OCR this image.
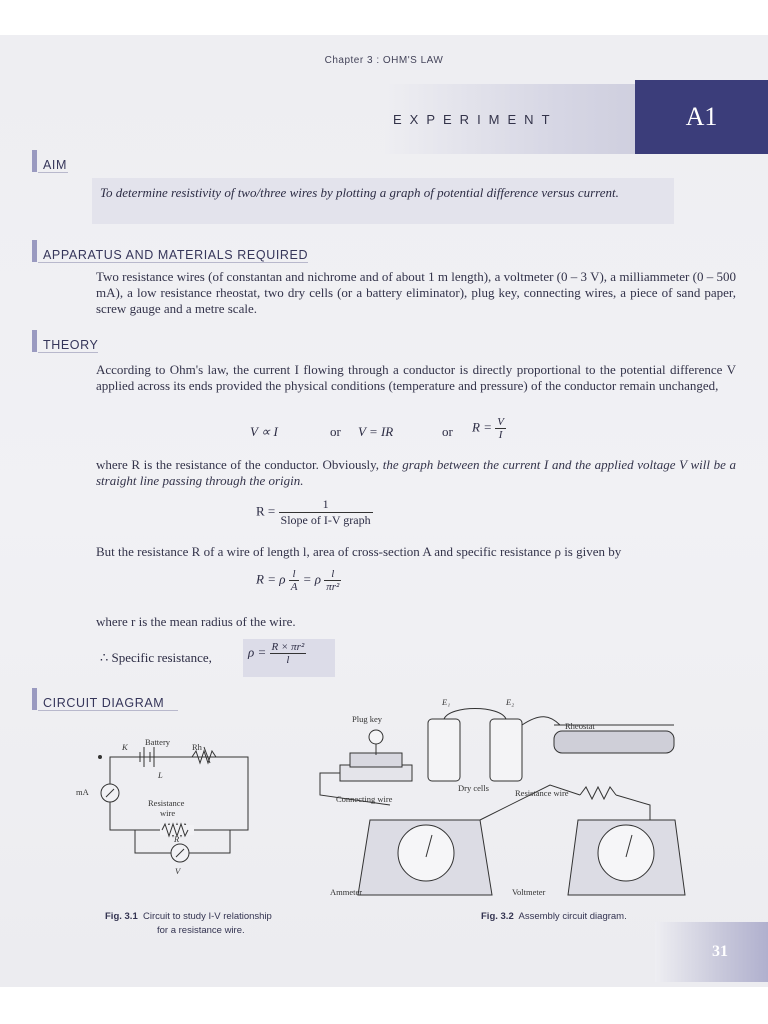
Chapter 3 : OHM'S LAW
EXPERIMENT	A1
AIM
To determine resistivity of two/three wires by plotting a graph of potential difference versus current.
APPARATUS AND MATERIALS REQUIRED
Two resistance wires (of constantan and nichrome and of about 1 m length), a voltmeter (0 – 3 V), a milliammeter (0 – 500 mA), a low resistance rheostat, two dry cells (or a battery eliminator), plug key, connecting wires, a piece of sand paper, screw gauge and a metre scale.
THEORY
According to Ohm's law, the current I flowing through a conductor is directly proportional to the potential difference V applied across its ends provided the physical conditions (temperature and pressure) of the conductor remain unchanged,
V ∝ I	or V = IR	or $R = \frac{V}{I}$
where R is the resistance of the conductor. Obviously, the graph between the current I and the applied voltage V will be a straight line passing through the origin.
$R = \frac{1}{\text{Slope of I-V graph}}$
But the resistance R of a wire of length l, area of cross-section A and specific resistance ρ is given by
R = ρ $\frac{l}{A} = \rho \frac{l}{\text{πr²}}$
where r is the mean radius of the wire.
∴ Specific resistance,	$\rho = \frac{\text{R × πr²}}{l}$
CIRCUIT DIAGRAM
Battery	Rh
K
L
mA
Resistance
wire
R
V
Fig. 3.1 Circuit to study I-V relationship
for a resistance wire.
Plug key
E₁	E₂
Rheostat
Dry cells
Connecting wire
Resistance wire
Ammeter	Voltmeter
Fig. 3.2 Assembly circuit diagram.
31
